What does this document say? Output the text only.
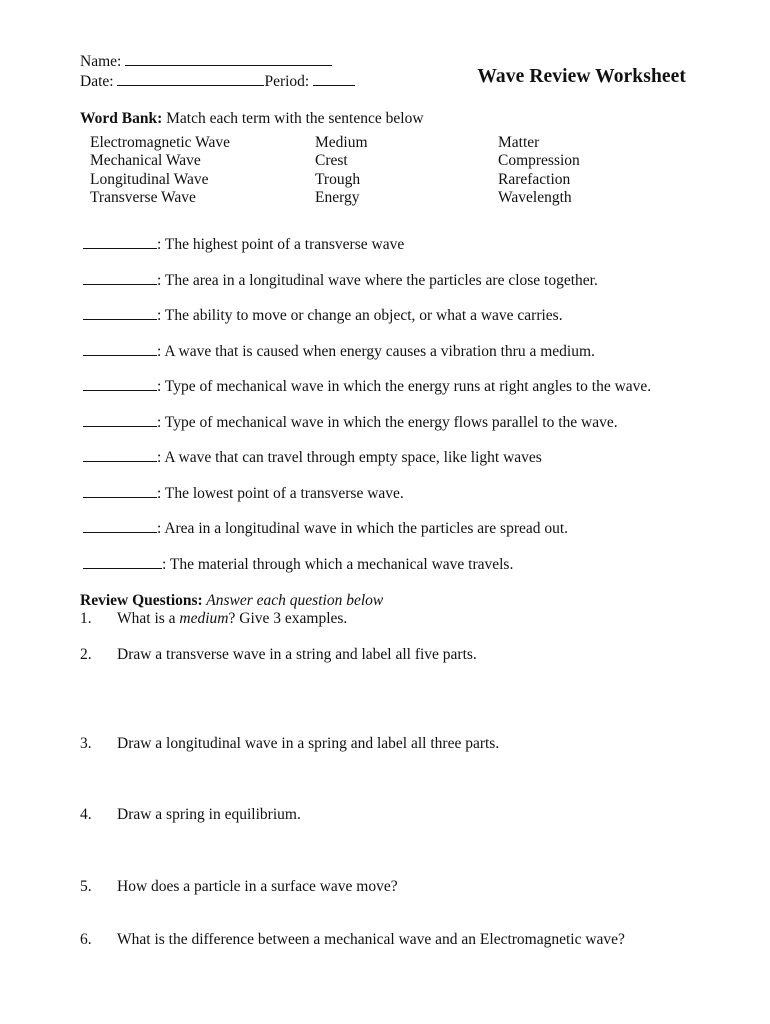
Name:
Date:	Period:	Wave Review Worksheet
Word Bank: Match each term with the sentence below
Electromagnetic Wave	Medium	Matter
Mechanical Wave	Crest	Compression
Longitudinal Wave	Trough	Rarefaction
Transverse Wave	Energy	Wavelength
: The highest point of a transverse wave
: The area in a longitudinal wave where the particles are close together.
: The ability to move or change an object, or what a wave carries.
: A wave that is caused when energy causes a vibration thru a medium.
: Type of mechanical wave in which the energy runs at right angles to the wave.
: Type of mechanical wave in which the energy flows parallel to the wave.
: A wave that can travel through empty space, like light waves
: The lowest point of a transverse wave.
: Area in a longitudinal wave in which the particles are spread out.
: The material through which a mechanical wave travels.
Review Questions: Answer each question below
1.	What is a medium? Give 3 examples.
2.	Draw a transverse wave in a string and label all five parts.
3.	Draw a longitudinal wave in a spring and label all three parts.
4.	Draw a spring in equilibrium.
5.	How does a particle in a surface wave move?
6.	What is the difference between a mechanical wave and an Electromagnetic wave?
